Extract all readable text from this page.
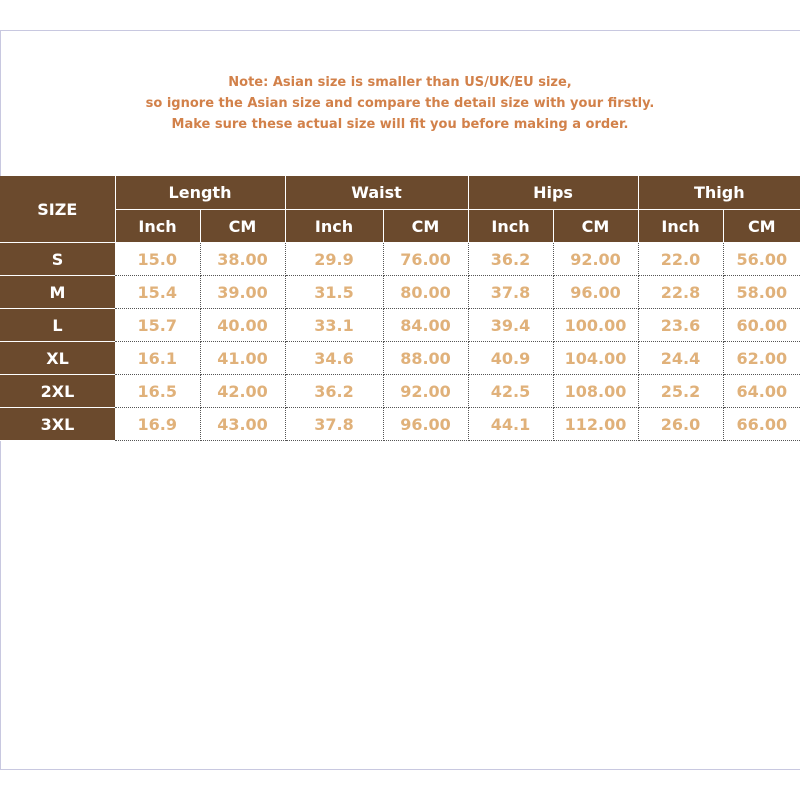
Note: Asian size is smaller than US/UK/EU size,
so ignore the Asian size and compare the detail size with your firstly.
Make sure these actual size will fit you before making a order.
SIZE	Length		Waist		Hips		Thigh	
	Inch	CM	Inch	CM	Inch	CM	Inch	CM
S	15.0	38.00	29.9	76.00	36.2	92.00	22.0	56.00
M	15.4	39.00	31.5	80.00	37.8	96.00	22.8	58.00
L	15.7	40.00	33.1	84.00	39.4	100.00	23.6	60.00
XL	16.1	41.00	34.6	88.00	40.9	104.00	24.4	62.00
2XL	16.5	42.00	36.2	92.00	42.5	108.00	25.2	64.00
3XL	16.9	43.00	37.8	96.00	44.1	112.00	26.0	66.00
